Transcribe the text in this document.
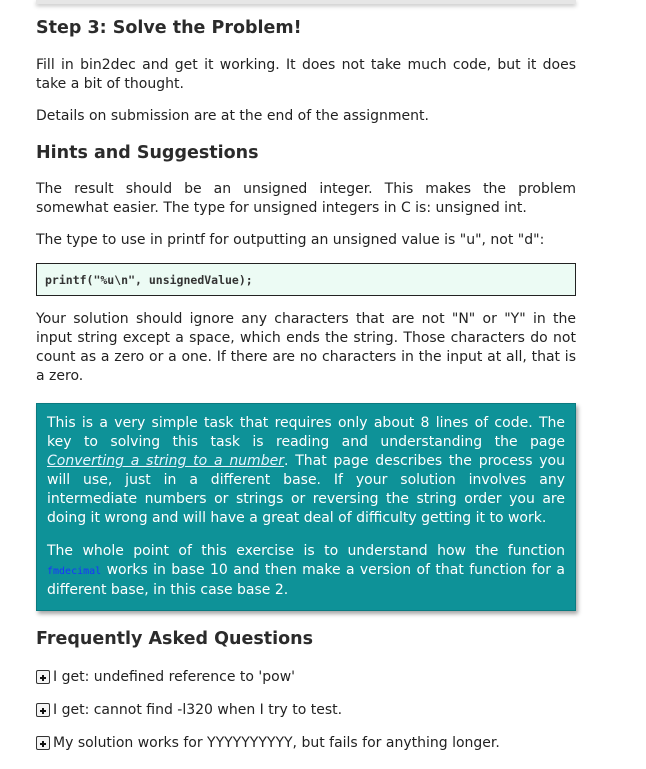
Step 3: Solve the Problem!

Fill in bin2dec and get it working. It does not take much code, but it does take a bit of thought.

Details on submission are at the end of the assignment.

Hints and Suggestions

The result should be an unsigned integer. This makes the problem somewhat easier. The type for unsigned integers in C is: unsigned int.

The type to use in printf for outputting an unsigned value is "u", not "d":

printf("%u\n", unsignedValue);

Your solution should ignore any characters that are not "N" or "Y" in the input string except a space, which ends the string. Those characters do not count as a zero or a one. If there are no characters in the input at all, that is a zero.

This is a very simple task that requires only about 8 lines of code. The key to solving this task is reading and understanding the page Converting a string to a number. That page describes the process you will use, just in a different base. If your solution involves any intermediate numbers or strings or reversing the string order you are doing it wrong and will have a great deal of difficulty getting it to work.

The whole point of this exercise is to understand how the function fmdecimal works in base 10 and then make a version of that function for a different base, in this case base 2.

Frequently Asked Questions
I get: undefined reference to 'pow'
I get: cannot find -l320 when I try to test.
My solution works for YYYYYYYYYY, but fails for anything longer.
